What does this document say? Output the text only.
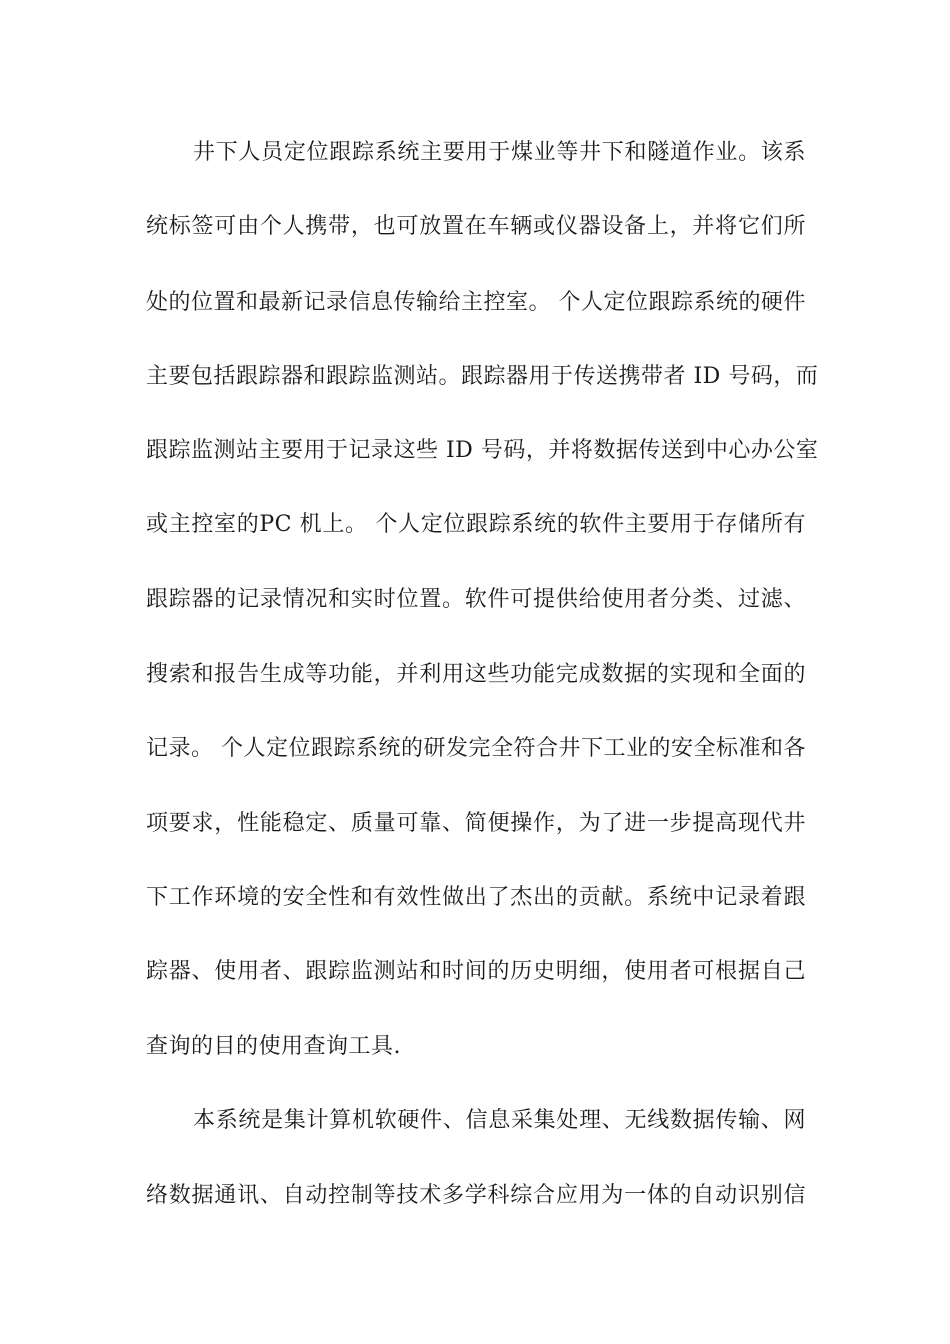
井下人员定位跟踪系统主要用于煤业等井下和隧道作业。该系
统标签可由个人携带，也可放置在车辆或仪器设备上，并将它们所
处的位置和最新记录信息传输给主控室。 个人定位跟踪系统的硬件
主要包括跟踪器和跟踪监测站。跟踪器用于传送携带者 ID 号码，而
跟踪监测站主要用于记录这些 ID 号码，并将数据传送到中心办公室
或主控室的PC 机上。 个人定位跟踪系统的软件主要用于存储所有
跟踪器的记录情况和实时位置。软件可提供给使用者分类、过滤、
搜索和报告生成等功能，并利用这些功能完成数据的实现和全面的
记录。 个人定位跟踪系统的研发完全符合井下工业的安全标准和各
项要求，性能稳定、质量可靠、简便操作，为了进一步提高现代井
下工作环境的安全性和有效性做出了杰出的贡献。系统中记录着跟
踪器、使用者、跟踪监测站和时间的历史明细，使用者可根据自己
查询的目的使用查询工具.
本系统是集计算机软硬件、信息采集处理、无线数据传输、网
络数据通讯、自动控制等技术多学科综合应用为一体的自动识别信
